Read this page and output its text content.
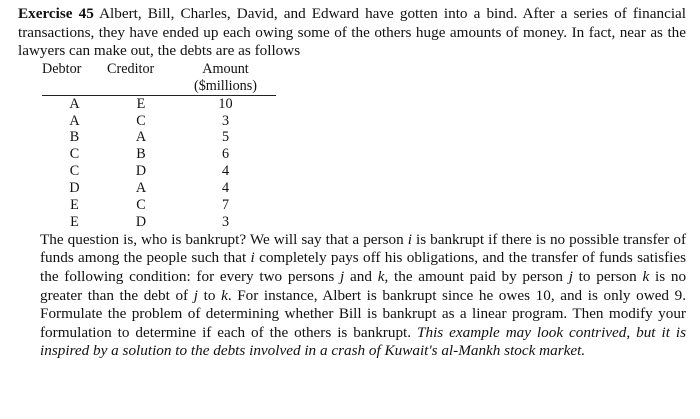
Exercise 45 Albert, Bill, Charles, David, and Edward have gotten into a bind. After a series of financial transactions, they have ended up each owing some of the others huge amounts of money. In fact, near as the lawyers can make out, the debts are as follows

Debtor	Creditor	Amount
		($millions)
A	E	10
A	C	3
B	A	5
C	B	6
C	D	4
D	A	4
E	C	7
E	D	3

The question is, who is bankrupt? We will say that a person i is bankrupt if there is no possible transfer of funds among the people such that i completely pays off his obligations, and the transfer of funds satisfies the following condition: for every two persons j and k, the amount paid by person j to person k is no greater than the debt of j to k. For instance, Albert is bankrupt since he owes 10, and is only owed 9. Formulate the problem of determining whether Bill is bankrupt as a linear program. Then modify your formulation to determine if each of the others is bankrupt. This example may look contrived, but it is inspired by a solution to the debts involved in a crash of Kuwait's al-Mankh stock market.
